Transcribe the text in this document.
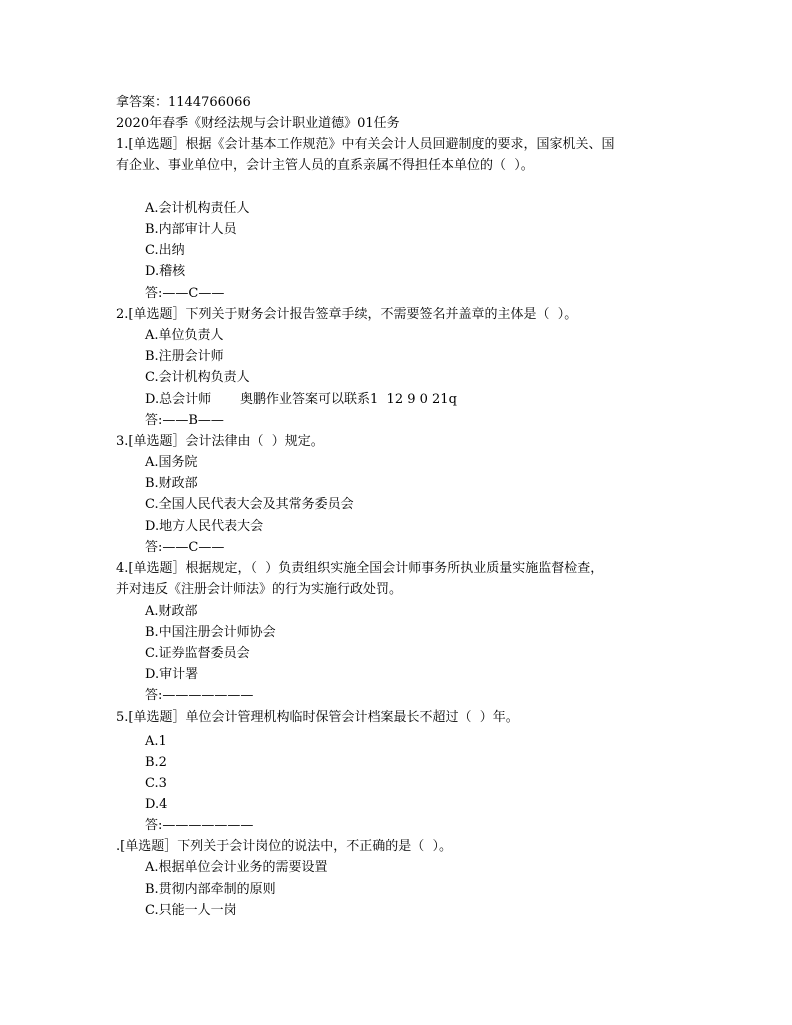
拿答案：1144766066
2020年春季《财经法规与会计职业道德》01任务
1.[单选题］根据《会计基本工作规范》中有关会计人员回避制度的要求，国家机关、国
有企业、事业单位中，会计主管人员的直系亲属不得担任本单位的（  ）。
A.会计机构责任人
B.内部审计人员
C.出纳
D.稽核
答:——C——
2.[单选题］下列关于财务会计报告签章手续，不需要签名并盖章的主体是（  ）。
A.单位负责人
B.注册会计师
C.会计机构负责人
D.总会计师       奥鹏作业答案可以联系1  12 9 0 21q
答:——B——
3.[单选题］会计法律由（  ）规定。
A.国务院
B.财政部
C.全国人民代表大会及其常务委员会
D.地方人民代表大会
答:——C——
4.[单选题］根据规定，（  ）负责组织实施全国会计师事务所执业质量实施监督检查，
并对违反《注册会计师法》的行为实施行政处罚。
A.财政部
B.中国注册会计师协会
C.证券监督委员会
D.审计署
答:———————
5.[单选题］单位会计管理机构临时保管会计档案最长不超过（  ）年。
A.1
B.2
C.3
D.4
答:———————
.[单选题］下列关于会计岗位的说法中，不正确的是（  ）。
A.根据单位会计业务的需要设置
B.贯彻内部牵制的原则
C.只能一人一岗
